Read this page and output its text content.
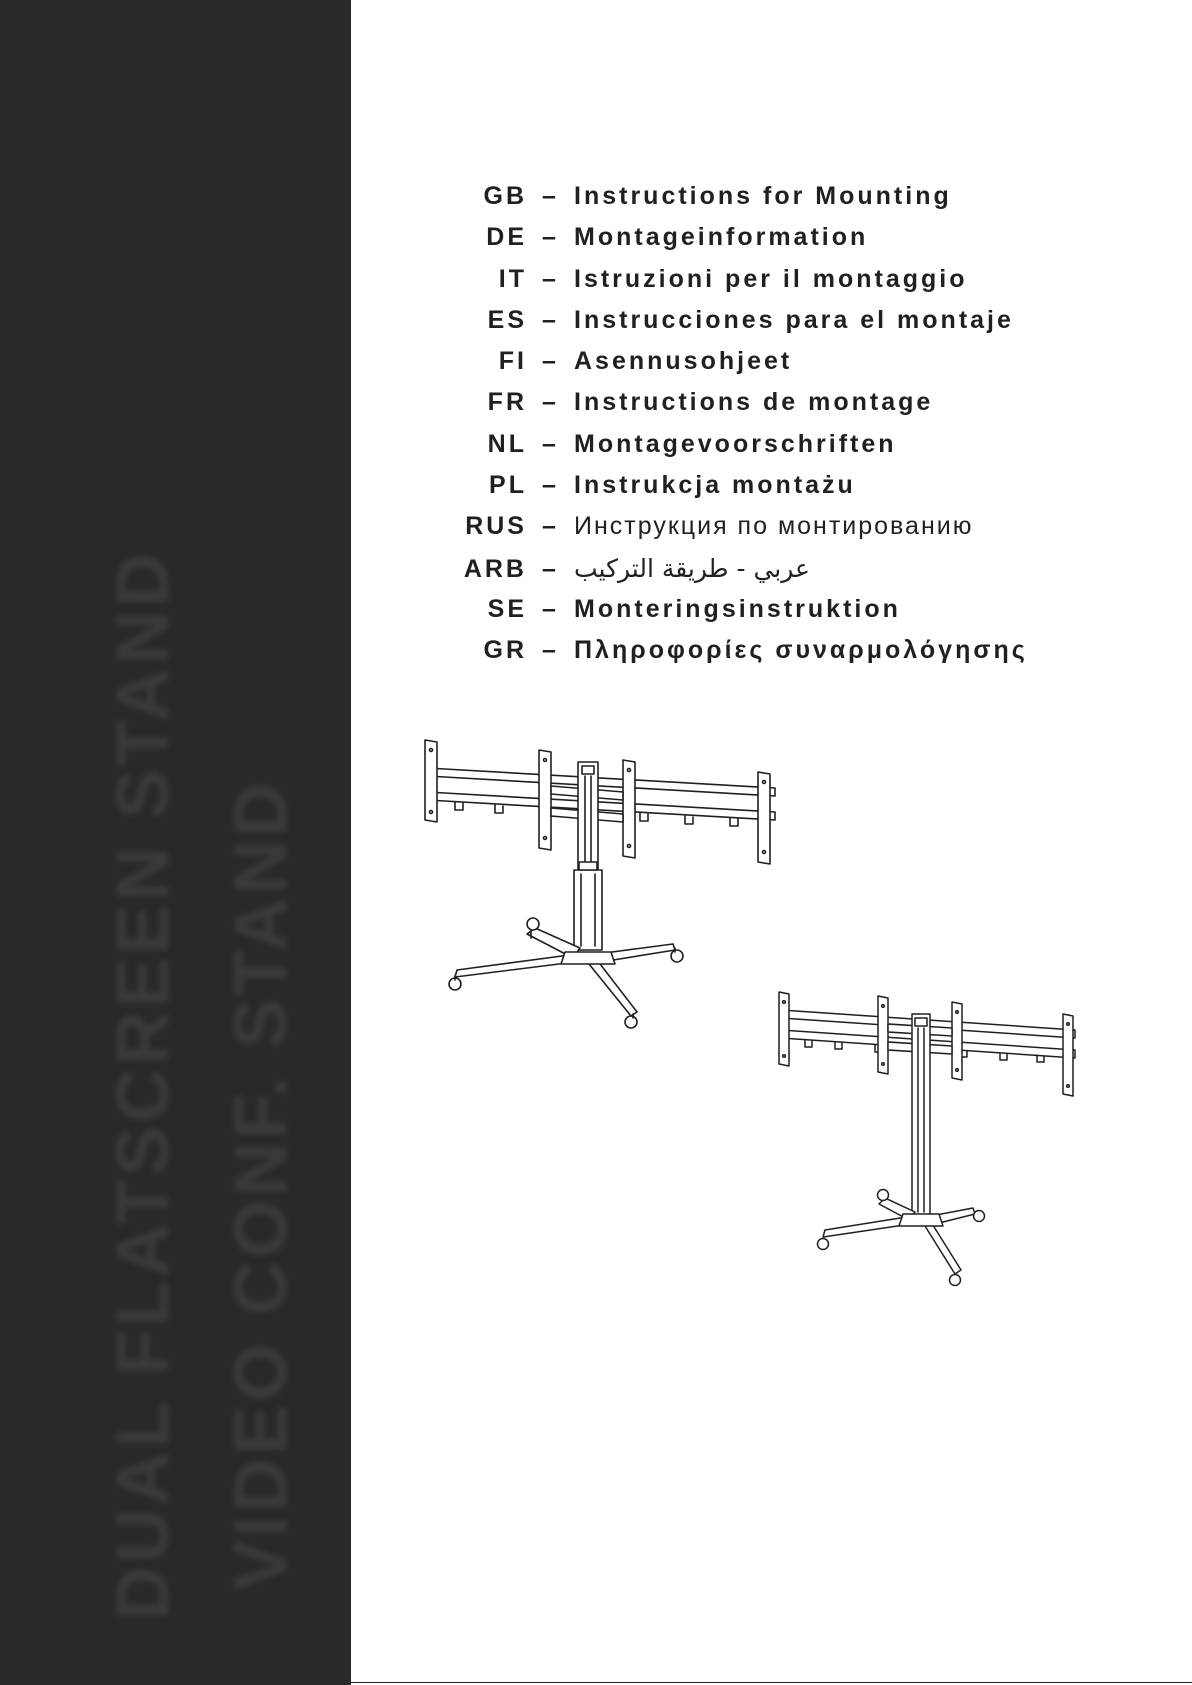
DUAL FLATSCREEN STAND VIDEO CONF. STAND
GB – Instructions for Mounting
DE – Montageinformation
IT – Istruzioni per il montaggio
ES – Instrucciones para el montaje
FI – Asennusohjeet
FR – Instructions de montage
NL – Montagevoorschriften
PL – Instrukcja montażu
RUS – Инструкция по монтированию
ARB – عربي - طريقة التركيب
SE – Monteringsinstruktion
GR – Πληροφορίες συναρμολόγησης
